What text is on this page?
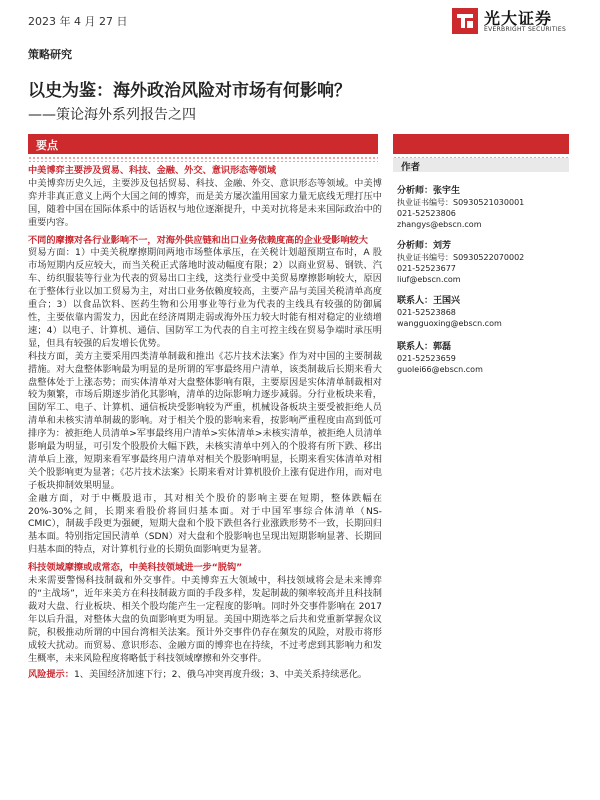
2023 年 4 月 27 日	光大证券
EVERBRIGHT SECURITIES
策略研究
以史为鉴：海外政治风险对市场有何影响？
——策论海外系列报告之四
要点

中美博弈主要涉及贸易、科技、金融、外交、意识形态等领域

中美博弈历史久远，主要涉及包括贸易、科技、金融、外交、意识形态等领域。中美博弈并非真正意义上两个大国之间的博弈，而是美方屡次滥用国家力量无底线无理打压中国，随着中国在国际体系中的话语权与地位逐渐提升，中美对抗将是未来国际政治中的重要内容。

不同的摩擦对各行业影响不一，对海外供应链和出口业务依赖度高的企业受影响较大

贸易方面：1）中美关税摩擦期间两地市场整体承压，在关税计划超预期宣布时，A 股市场短期内反应较大，而当关税正式落地时波动幅度有限；2）以商业贸易、钢铁、汽车、纺织服装等行业为代表的贸易出口主线，这类行业受中美贸易摩擦影响较大，原因在于整体行业以加工贸易为主，对出口业务依赖度较高，主要产品与美国关税清单高度重合；3）以食品饮料、医药生物和公用事业等行业为代表的主线具有较强的防御属性，主要依靠内需发力，因此在经济周期走弱或海外压力较大时能有相对稳定的业绩增速；4）以电子、计算机、通信、国防军工为代表的自主可控主线在贸易争端时承压明显，但具有较强的后发增长优势。

科技方面，美方主要采用四类清单制裁和推出《芯片技术法案》作为对中国的主要制裁措施。对大盘整体影响最为明显的是所谓的军事最终用户清单，该类制裁后长期来看大盘整体处于上涨态势；而实体清单对大盘整体影响有限，主要原因是实体清单制裁相对较为频繁，市场后期逐步消化其影响，清单的边际影响力逐步减弱。分行业板块来看，国防军工、电子、计算机、通信板块受影响较为严重，机械设备板块主要受被拒绝人员清单和未核实清单制裁的影响。对于相关个股的影响来看，按影响严重程度由高到低可排序为：被拒绝人员清单>军事最终用户清单>实体清单>未核实清单，被拒绝人员清单影响最为明显，可引发个股股价大幅下跌，未核实清单中列入的个股将有所下跌、移出清单后上涨，短期来看军事最终用户清单对相关个股影响明显，长期来看实体清单对相关个股影响更为显著；《芯片技术法案》长期来看对计算机股价上涨有促进作用，而对电子板块抑制效果明显。

金融方面，对于中概股退市，其对相关个股价的影响主要在短期，整体跌幅在 20%-30%之间，长期来看股价将回归基本面。对于中国军事综合体清单（NS-CMIC），制裁手段更为强硬，短期大盘和个股下跌但各行业涨跌形势不一致，长期回归基本面。特别指定国民清单（SDN）对大盘和个股影响也呈现出短期影响显著、长期回归基本面的特点，对计算机行业的长期负面影响更为显著。

科技领域摩擦或成常态，中美科技领域进一步“脱钩”

未来需要警惕科技制裁和外交事件。中美博弈五大领域中，科技领域将会是未来博弈的“主战场”，近年来美方在科技制裁方面的手段多样，发起制裁的频率较高并且科技制裁对大盘、行业板块、相关个股均能产生一定程度的影响。同时外交事件影响在 2017 年以后升温，对整体大盘的负面影响更为明显。美国中期选举之后共和党重新掌握众议院，积极推动所谓的中国台湾相关法案。预计外交事件仍存在频发的风险，对股市将形成较大扰动。而贸易、意识形态、金融方面的博弈也在持续，不过考虑到其影响力和发生概率，未来风险程度将略低于科技领域摩擦和外交事件。

风险提示：1、美国经济加速下行；2、俄乌冲突再度升级；3、中美关系持续恶化。

作者
分析师：张宇生
执业证书编号：S0930521030001
021-52523806
zhangys@ebscn.com
分析师：刘芳
执业证书编号：S0930522070002
021-52523677
liuf@ebscn.com
联系人：王国兴
021-52523868
wangguoxing@ebscn.com
联系人：郭磊
021-52523659
guolei66@ebscn.com
